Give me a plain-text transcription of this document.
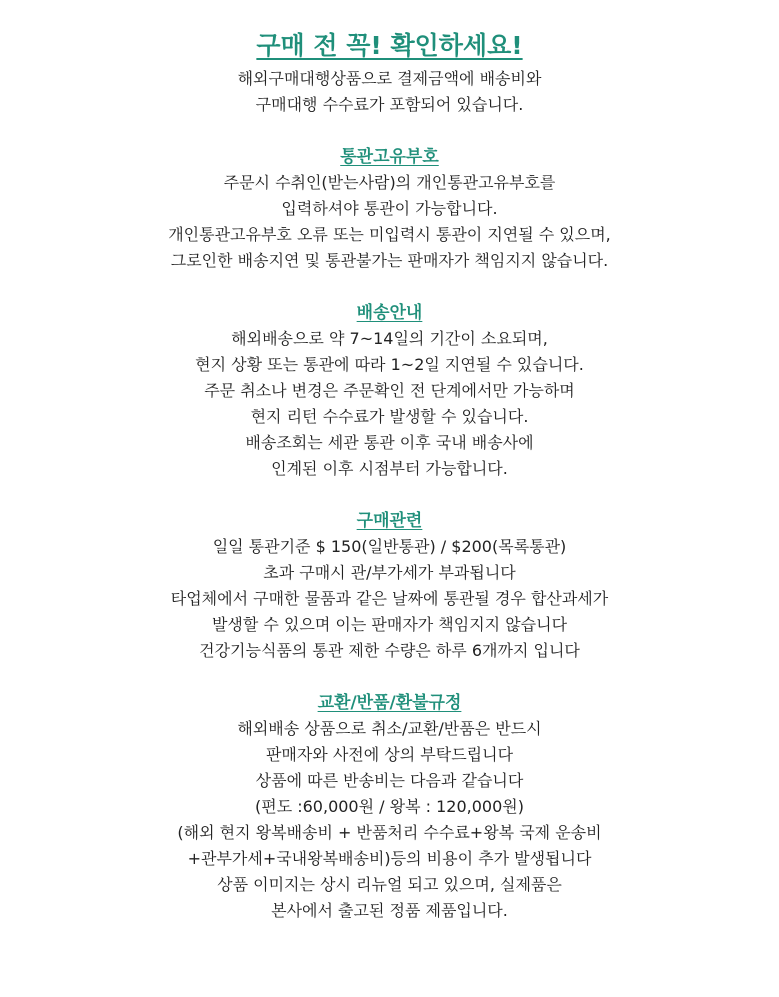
구매 전 꼭! 확인하세요!

해외구매대행상품으로 결제금액에 배송비와

구매대행 수수료가 포함되어 있습니다.

통관고유부호

주문시 수취인(받는사람)의 개인통관고유부호를

입력하셔야 통관이 가능합니다.

개인통관고유부호 오류 또는 미입력시 통관이 지연될 수 있으며,

그로인한 배송지연 및 통관불가는 판매자가 책임지지 않습니다.

배송안내

해외배송으로 약 7~14일의 기간이 소요되며,

현지 상황 또는 통관에 따라 1~2일 지연될 수 있습니다.

주문 취소나 변경은 주문확인 전 단계에서만 가능하며

현지 리턴 수수료가 발생할 수 있습니다.

배송조회는 세관 통관 이후 국내 배송사에

인계된 이후 시점부터 가능합니다.

구매관련

일일 통관기준 $ 150(일반통관) / $200(목록통관)

초과 구매시 관/부가세가 부과됩니다

타업체에서 구매한 물품과 같은 날짜에 통관될 경우 합산과세가

발생할 수 있으며 이는 판매자가 책임지지 않습니다

건강기능식품의 통관 제한 수량은 하루 6개까지 입니다

교환/반품/환불규정

해외배송 상품으로 취소/교환/반품은 반드시

판매자와 사전에 상의 부탁드립니다

상품에 따른 반송비는 다음과 같습니다

(편도 :60,000원 / 왕복 : 120,000원)

(해외 현지 왕복배송비 + 반품처리 수수료+왕복 국제 운송비

+관부가세+국내왕복배송비)등의 비용이 추가 발생됩니다

상품 이미지는 상시 리뉴얼 되고 있으며, 실제품은

본사에서 출고된 정품 제품입니다.
